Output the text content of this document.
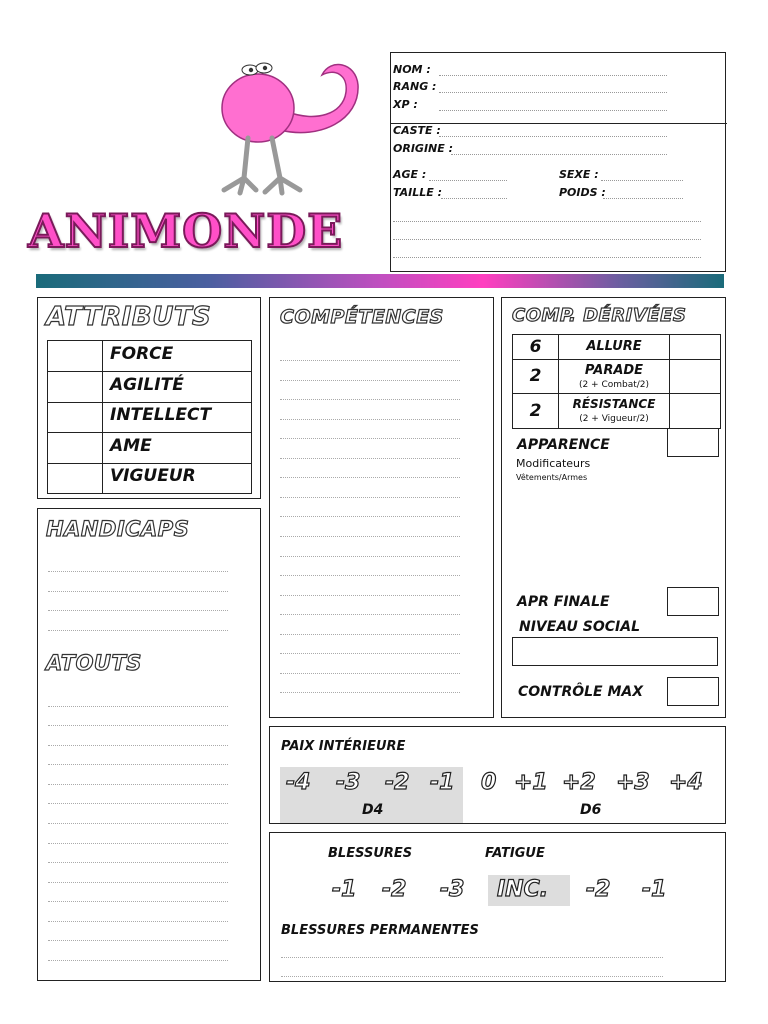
ANIMONDE
NOM :
RANG :
XP :
CASTE :
ORIGINE :
AGE :	SEXE :
TAILLE :	POIDS :
ATTRIBUTS
FORCE
AGILITÉ
INTELLECT
AME
VIGUEUR
HANDICAPS
ATOUTS
COMPÉTENCES	COMP. DÉRIVÉES
6	ALLURE
2	PARADE
(2 + Combat/2)
2	RÉSISTANCE
(2 + Vigueur/2)
APPARENCE
Modificateurs
Vêtements/Armes
APR FINALE
NIVEAU SOCIAL
CONTRÔLE MAX
PAIX INTÉRIEURE
-4 -3 -2 -1 0 +1 +2 +3 +4
D4	D6
BLESSURES	FATIGUE
-1 -2 -3 INC. -2 -1
BLESSURES PERMANENTES
